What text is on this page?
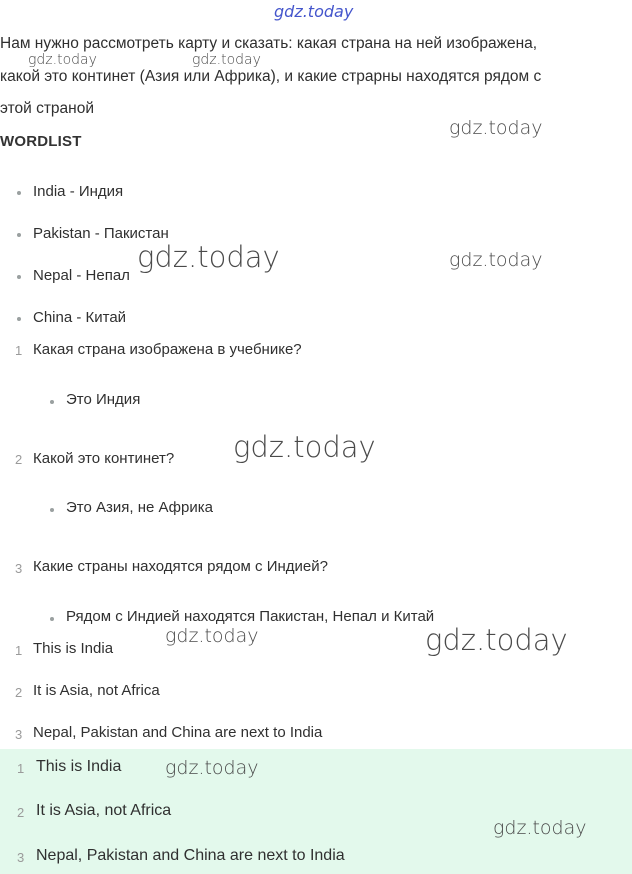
gdz.today
Нам нужно рассмотреть карту и сказать: какая страна на ней изображена,
какой это континет (Азия или Африка), и какие страрны находятся рядом с
этой страной
gdz.today	gdz.today
WORDLIST
gdz.today
India - Индия
Pakistan - Пакистан
Nepal - Непал
China - Китай
gdz.today	gdz.today
1 Какая страна изображена в учебнике?
Это Индия
2 Какой это континет?
Это Азия, не Африка
3 Какие страны находятся рядом с Индией?
Рядом с Индией находятся Пакистан, Непал и Китай
gdz.today
1 This is India
2 It is Asia, not Africa
3 Nepal, Pakistan and China are next to India
gdz.today	gdz.today
1 This is India
2 It is Asia, not Africa
3 Nepal, Pakistan and China are next to India
gdz.today
gdz.today
